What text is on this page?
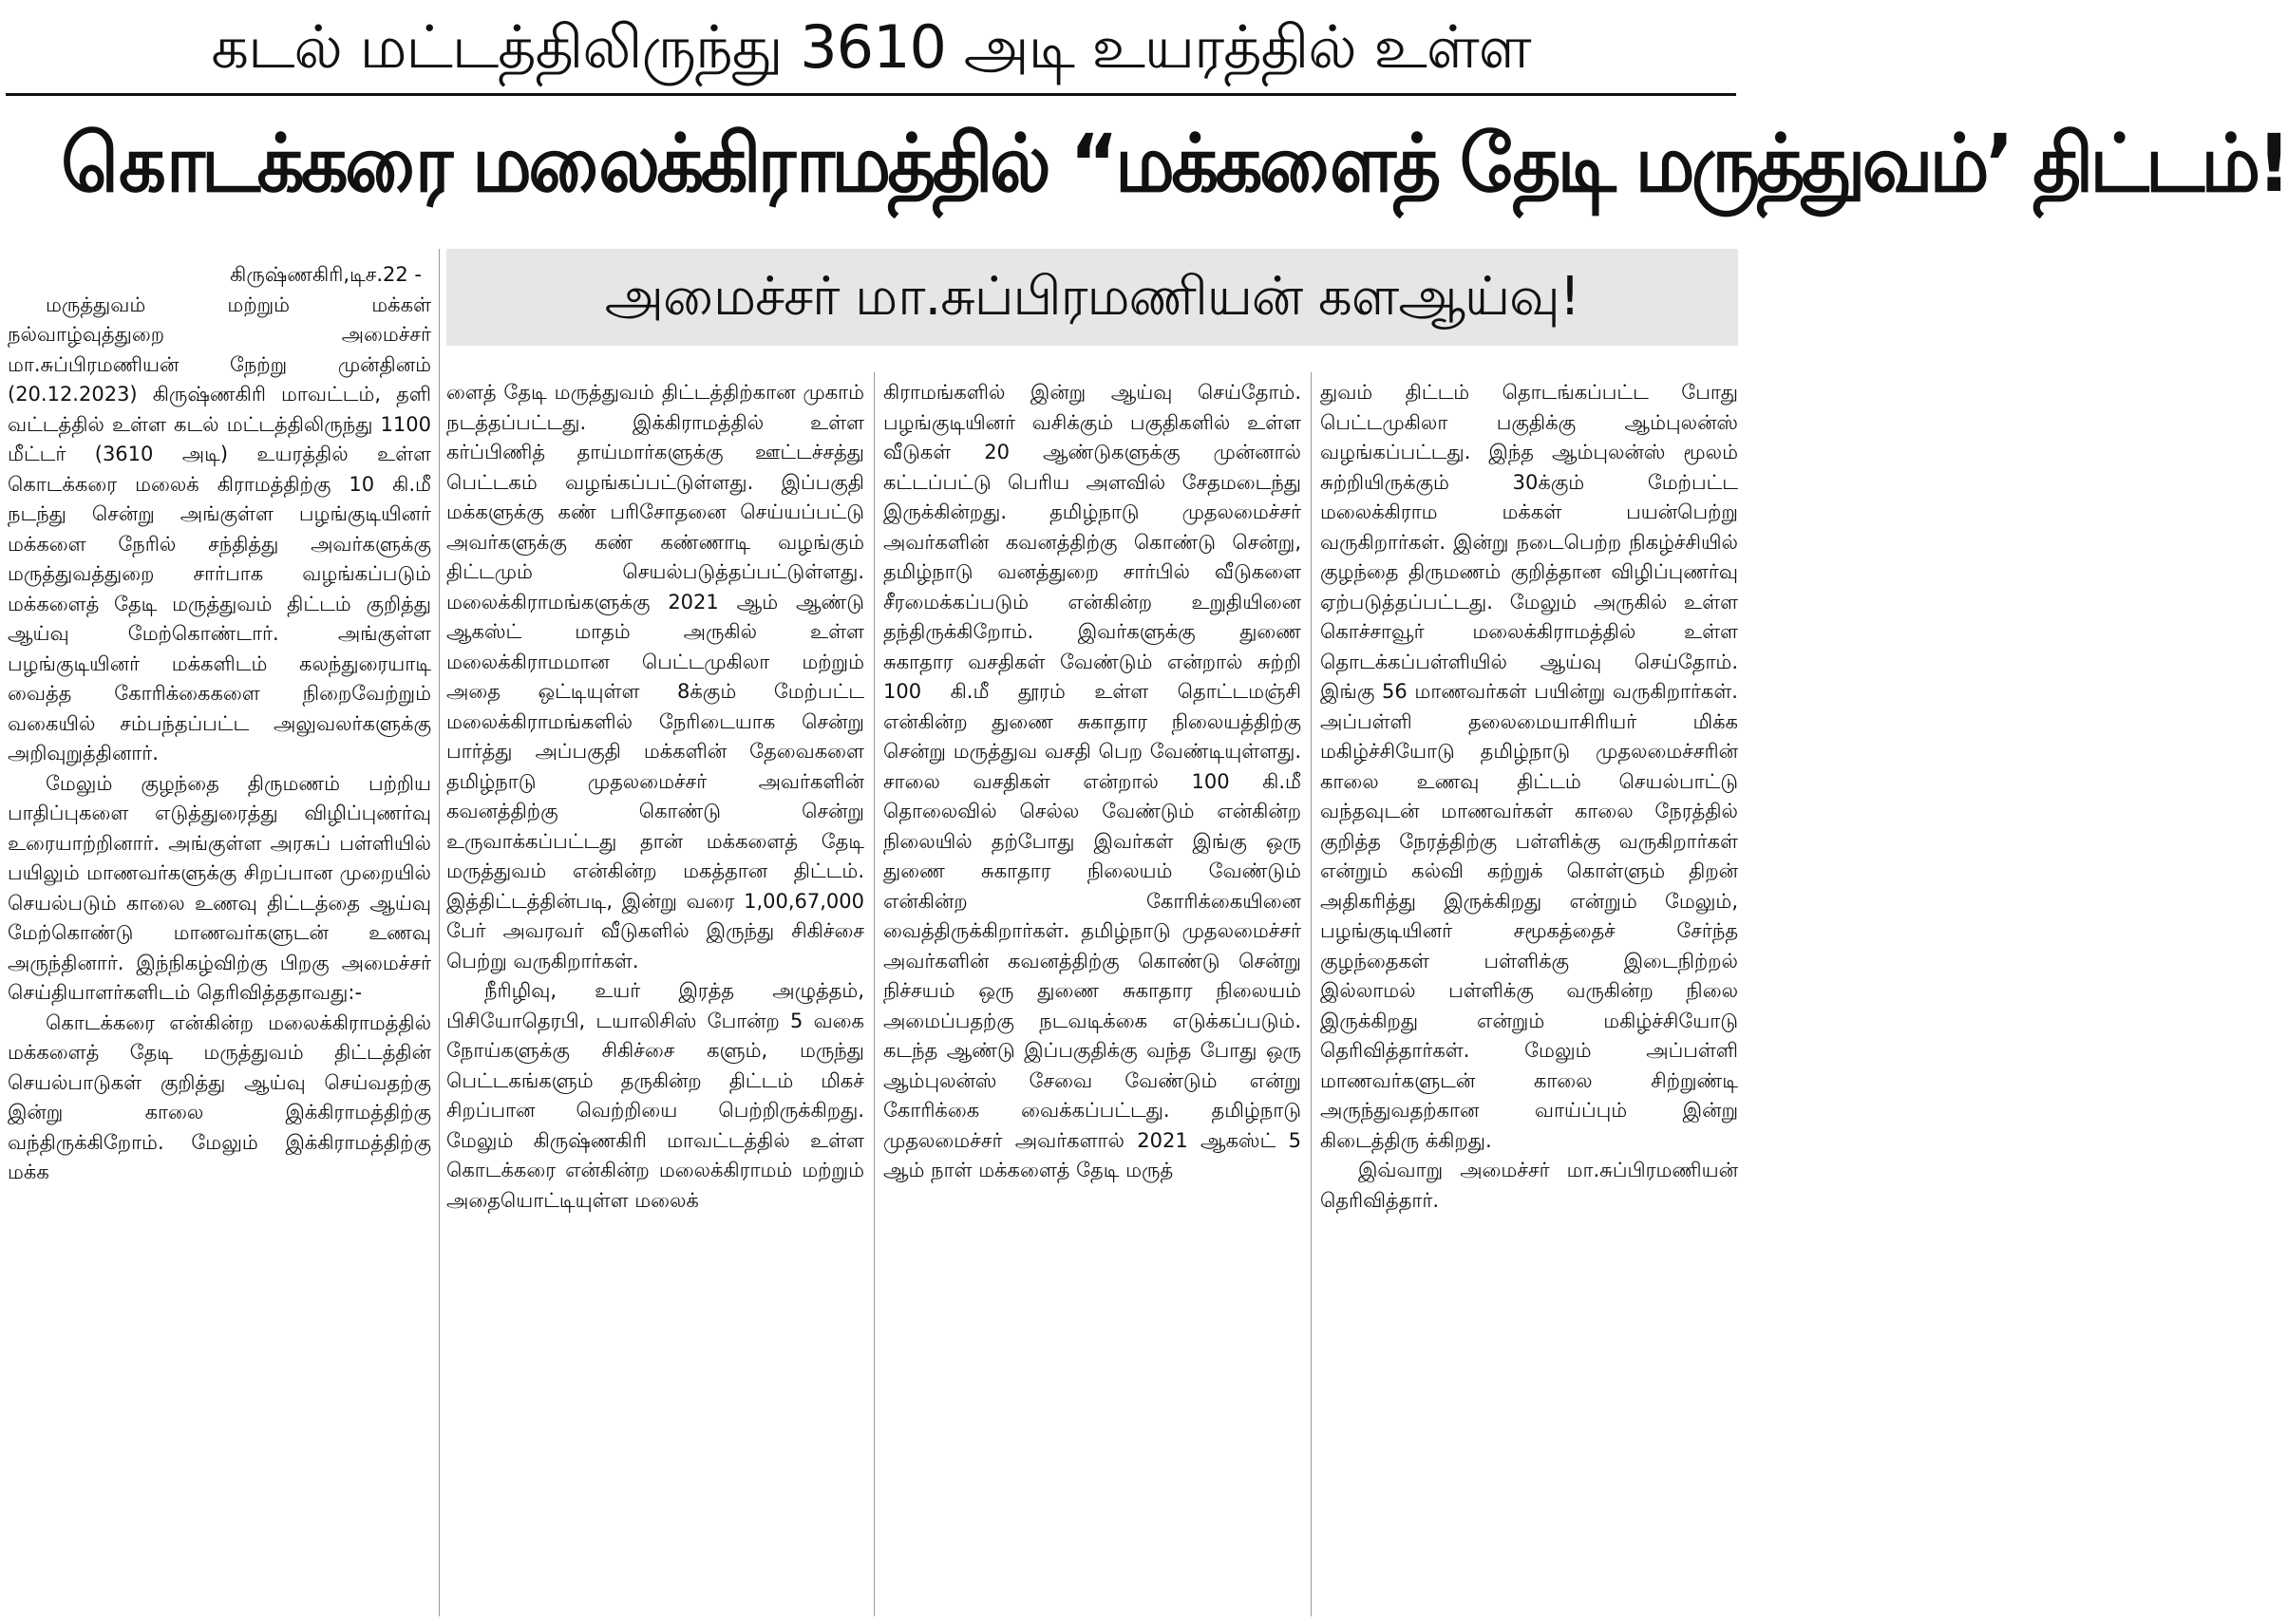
கடல் மட்டத்திலிருந்து 3610 அடி உயரத்தில் உள்ள
கொடக்கரை மலைக்கிராமத்தில் “மக்களைத் தேடி மருத்துவம்’ திட்டம்!
அமைச்சர் மா.சுப்பிரமணியன் களஆய்வு!

கிருஷ்ணகிரி,டிச.22 -

மருத்துவம் மற்றும் மக்கள் நல்வாழ்வுத்துறை அமைச்சர் மா.சுப்பிரமணியன் நேற்று முன்தினம் (20.12.2023) கிருஷ்ணகிரி மாவட்டம், தளி வட்டத்தில் உள்ள கடல் மட்டத்திலிருந்து 1100 மீட்டர் (3610 அடி) உயரத்தில் உள்ள கொடக்கரை மலைக் கிராமத்திற்கு 10 கி.மீ நடந்து சென்று அங்குள்ள பழங்குடியினர் மக்களை நேரில் சந்தித்து அவர்களுக்கு மருத்துவத்துறை சார்பாக வழங்கப்படும் மக்களைத் தேடி மருத்துவம் திட்டம் குறித்து ஆய்வு மேற்கொண்டார். அங்குள்ள பழங்குடியினர் மக்களிடம் கலந்துரையாடி வைத்த கோரிக்கைகளை நிறைவேற்றும் வகையில் சம்பந்தப்பட்ட அலுவலர்களுக்கு அறிவுறுத்தினார்.

மேலும் குழந்தை திருமணம் பற்றிய பாதிப்புகளை எடுத்துரைத்து விழிப்புணர்வு உரையாற்றினார். அங்குள்ள அரசுப் பள்ளியில் பயிலும் மாணவர்களுக்கு சிறப்பான முறையில் செயல்படும் காலை உணவு திட்டத்தை ஆய்வு மேற்கொண்டு மாணவர்களுடன் உணவு அருந்தினார். இந்நிகழ்விற்கு பிறகு அமைச்சர் செய்தியாளர்களிடம் தெரிவித்ததாவது:-

கொடக்கரை என்கின்ற மலைக்கிராமத்தில் மக்களைத் தேடி மருத்துவம் திட்டத்தின் செயல்பாடுகள் குறித்து ஆய்வு செய்வதற்கு இன்று காலை இக்கிராமத்திற்கு வந்திருக்கிறோம். மேலும் இக்கிராமத்திற்கு மக்க

ளைத் தேடி மருத்துவம் திட்டத்திற்கான முகாம் நடத்தப்பட்டது. இக்கிராமத்தில் உள்ள கர்ப்பிணித் தாய்மார்களுக்கு ஊட்டச்சத்து பெட்டகம் வழங்கப்பட்டுள்ளது. இப்பகுதி மக்களுக்கு கண் பரிசோதனை செய்யப்பட்டு அவர்களுக்கு கண் கண்ணாடி வழங்கும் திட்டமும் செயல்படுத்தப்பட்டுள்ளது. மலைக்கிராமங்களுக்கு 2021 ஆம் ஆண்டு ஆகஸ்ட் மாதம் அருகில் உள்ள மலைக்கிராமமான பெட்டமுகிலா மற்றும் அதை ஒட்டியுள்ள 8க்கும் மேற்பட்ட மலைக்கிராமங்களில் நேரிடையாக சென்று பார்த்து அப்பகுதி மக்களின் தேவைகளை தமிழ்நாடு முதலமைச்சர் அவர்களின் கவனத்திற்கு கொண்டு சென்று உருவாக்கப்பட்டது தான் மக்களைத் தேடி மருத்துவம் என்கின்ற மகத்தான திட்டம். இத்திட்டத்தின்படி, இன்று வரை 1,00,67,000 பேர் அவரவர் வீடுகளில் இருந்து சிகிச்சை பெற்று வருகிறார்கள்.

நீரிழிவு, உயர் இரத்த அழுத்தம், பிசியோதெரபி, டயாலிசிஸ் போன்ற 5 வகை நோய்களுக்கு சிகிச்சை களும், மருந்து பெட்டகங்களும் தருகின்ற திட்டம் மிகச் சிறப்பான வெற்றியை பெற்றிருக்கிறது. மேலும் கிருஷ்ணகிரி மாவட்டத்தில் உள்ள கொடக்கரை என்கின்ற மலைக்கிராமம் மற்றும் அதையொட்டியுள்ள மலைக்

கிராமங்களில் இன்று ஆய்வு செய்தோம். பழங்குடியினர் வசிக்கும் பகுதிகளில் உள்ள வீடுகள் 20 ஆண்டுகளுக்கு முன்னால் கட்டப்பட்டு பெரிய அளவில் சேதமடைந்து இருக்கின்றது. தமிழ்நாடு முதலமைச்சர் அவர்களின் கவனத்திற்கு கொண்டு சென்று, தமிழ்நாடு வனத்துறை சார்பில் வீடுகளை சீரமைக்கப்படும் என்கின்ற உறுதியினை தந்திருக்கிறோம். இவர்களுக்கு துணை சுகாதார வசதிகள் வேண்டும் என்றால் சுற்றி 100 கி.மீ தூரம் உள்ள தொட்டமஞ்சி என்கின்ற துணை சுகாதார நிலையத்திற்கு சென்று மருத்துவ வசதி பெற வேண்டியுள்ளது. சாலை வசதிகள் என்றால் 100 கி.மீ தொலைவில் செல்ல வேண்டும் என்கின்ற நிலையில் தற்போது இவர்கள் இங்கு ஒரு துணை சுகாதார நிலையம் வேண்டும் என்கின்ற கோரிக்கையினை வைத்திருக்கிறார்கள். தமிழ்நாடு முதலமைச்சர் அவர்களின் கவனத்திற்கு கொண்டு சென்று நிச்சயம் ஒரு துணை சுகாதார நிலையம் அமைப்பதற்கு நடவடிக்கை எடுக்கப்படும். கடந்த ஆண்டு இப்பகுதிக்கு வந்த போது ஒரு ஆம்புலன்ஸ் சேவை வேண்டும் என்று கோரிக்கை வைக்கப்பட்டது. தமிழ்நாடு முதலமைச்சர் அவர்களால் 2021 ஆகஸ்ட் 5 ஆம் நாள் மக்களைத் தேடி மருத்

துவம் திட்டம் தொடங்கப்பட்ட போது பெட்டமுகிலா பகுதிக்கு ஆம்புலன்ஸ் வழங்கப்பட்டது. இந்த ஆம்புலன்ஸ் மூலம் சுற்றியிருக்கும் 30க்கும் மேற்பட்ட மலைக்கிராம மக்கள் பயன்பெற்று வருகிறார்கள். இன்று நடைபெற்ற நிகழ்ச்சியில் குழந்தை திருமணம் குறித்தான விழிப்புணர்வு ஏற்படுத்தப்பட்டது. மேலும் அருகில் உள்ள கொச்சாவூர் மலைக்கிராமத்தில் உள்ள தொடக்கப்பள்ளியில் ஆய்வு செய்தோம். இங்கு 56 மாணவர்கள் பயின்று வருகிறார்கள். அப்பள்ளி தலைமையாசிரியர் மிக்க மகிழ்ச்சியோடு தமிழ்நாடு முதலமைச்சரின் காலை உணவு திட்டம் செயல்பாட்டு வந்தவுடன் மாணவர்கள் காலை நேரத்தில் குறித்த நேரத்திற்கு பள்ளிக்கு வருகிறார்கள் என்றும் கல்வி கற்றுக் கொள்ளும் திறன் அதிகரித்து இருக்கிறது என்றும் மேலும், பழங்குடியினர் சமூகத்தைச் சேர்ந்த குழந்தைகள் பள்ளிக்கு இடைநிற்றல் இல்லாமல் பள்ளிக்கு வருகின்ற நிலை இருக்கிறது என்றும் மகிழ்ச்சியோடு தெரிவித்தார்கள். மேலும் அப்பள்ளி மாணவர்களுடன் காலை சிற்றுண்டி அருந்துவதற்கான வாய்ப்பும் இன்று கிடைத்திரு க்கிறது.

இவ்வாறு அமைச்சர் மா.சுப்பிரமணியன் தெரிவித்தார்.
